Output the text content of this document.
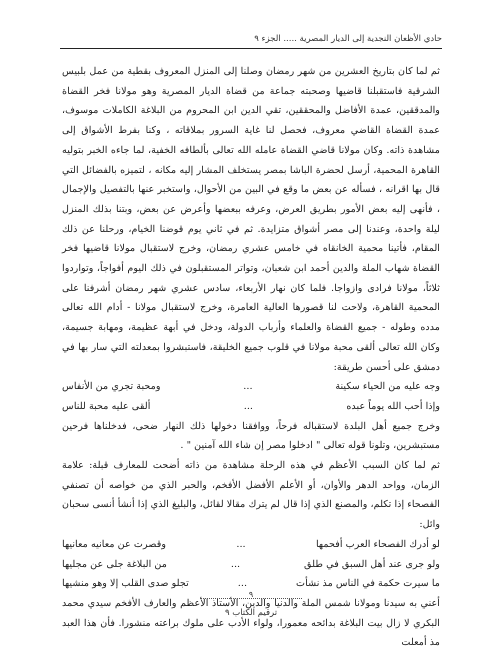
حادي الأظعان النجدية إلى الديار المصرية ..... الجزء ٩

ثم لما كان بتاريخ العشرين من شهر رمضان وصلنا إلى المنزل المعروف بقطية من عمل بلبيس الشرقية فاستقبلنا قاضيها وصحبته جماعة من قضاة الديار المصرية وهو مولانا فخر القضاة والمدققين، عمدة الأفاضل والمحققين، تقي الدين ابن المحروم من البلاغة الكاملات موسوف، عمدة القضاة القاضي معروف، فحصل لنا غاية السرور بملاقاته ، وكنا بفرط الأشواق إلى مشاهدة ذاته. وكان مولانا قاضي القضاة عامله الله تعالى بألطافه الخفية، لما جاءه الخبر بتوليه القاهرة المحمية، أرسل لحضرة الباشا بمصر يستخلف المشار إليه مكانه ، لتميزه بالفضائل التي قال بها اقرانه ، فسأله عن بعض ما وقع في البين من الأحوال، واستخبر عنها بالتفصيل والإجمال ، فأنهى إليه بعض الأمور بطريق العرض، وعرفه ببعضها وأعرض عن بعض، وبتنا بذلك المنزل ليلة واحدة، وعندنا إلى مصر أشواق متزايدة. ثم في ثاني يوم قوضنا الخيام، ورحلنا عن ذلك المقام، فأتينا محمية الخانقاه في خامس عشري رمضان، وخرج لاستقبال مولانا قاضيها فخر القضاة شهاب الملة والدين أحمد ابن شعبان، وتواتر المستقبلون في ذلك اليوم أفواجاً، وتواردوا ثلاثاً، مولانا فرادى وازواجا. فلما كان نهار الأربعاء، سادس عشري شهر رمضان أشرفنا على المحمية القاهرة، ولاحت لنا قصورها العالية العامرة، وخرج لاستقبال مولانا - أدام الله تعالى مدده وطوله - جميع القضاة والعلماء وأرباب الدولة، ودخل في أبهة عظيمة، ومهابة جسيمة، وكان الله تعالى ألقى محبة مولانا في قلوب جميع الخليقة، فاستبشروا بمعدلته التي سار بها في دمشق على أحسن طريقة:

وجه عليه من الحياء سكينة
...
ومحبة تجري من الأنفاس
وإذا أحب الله يوماً عبده
...
ألقى عليه محبة للناس

وخرج جميع أهل البلدة لاستقباله فرحاً، ووافقنا دخولها ذلك النهار ضحى، فدخلناها فرحين مستبشرين، وتلونا قوله تعالى " ادخلوا مصر إن شاء الله آمنين " .

ثم لما كان السبب الأعظم في هذه الرحلة مشاهدة من ذاته أضحت للمعارف قبلة: علامة الزمان، وواحد الدهر والأوان، أو الأعلم الأفضل الأفخم، والحبر الذي من خواصه أن تصنفي الفصحاء إذا تكلم، والمصنع الذي إذا قال لم يترك مقالا لقائل، والبليغ الذي إذا أنشأ أنسى سحبان وائل:

لو أدرك الفصحاء العرب أفحمها
...
وقصرت عن معانيه معانيها
ولو جرى عند أهل السبق في طلق
...
من البلاغة جلى عن مجليها
ما سيرت حكمة في الناس مذ نشأت
...
تجلو صدى القلب إلا وهو منشيها

أعني به سيدنا ومولانا شمس الملة والدنيا والدين، الأستاذ الأعظم والعارف الأفخم سيدي محمد البكري لا زال بيت البلاغة بدائحه معمورا، ولواء الأدب على ملوك براعته منشورا. فأن هذا العبد مذ أمعلت

٩
ترقيم الكتاب ٩
